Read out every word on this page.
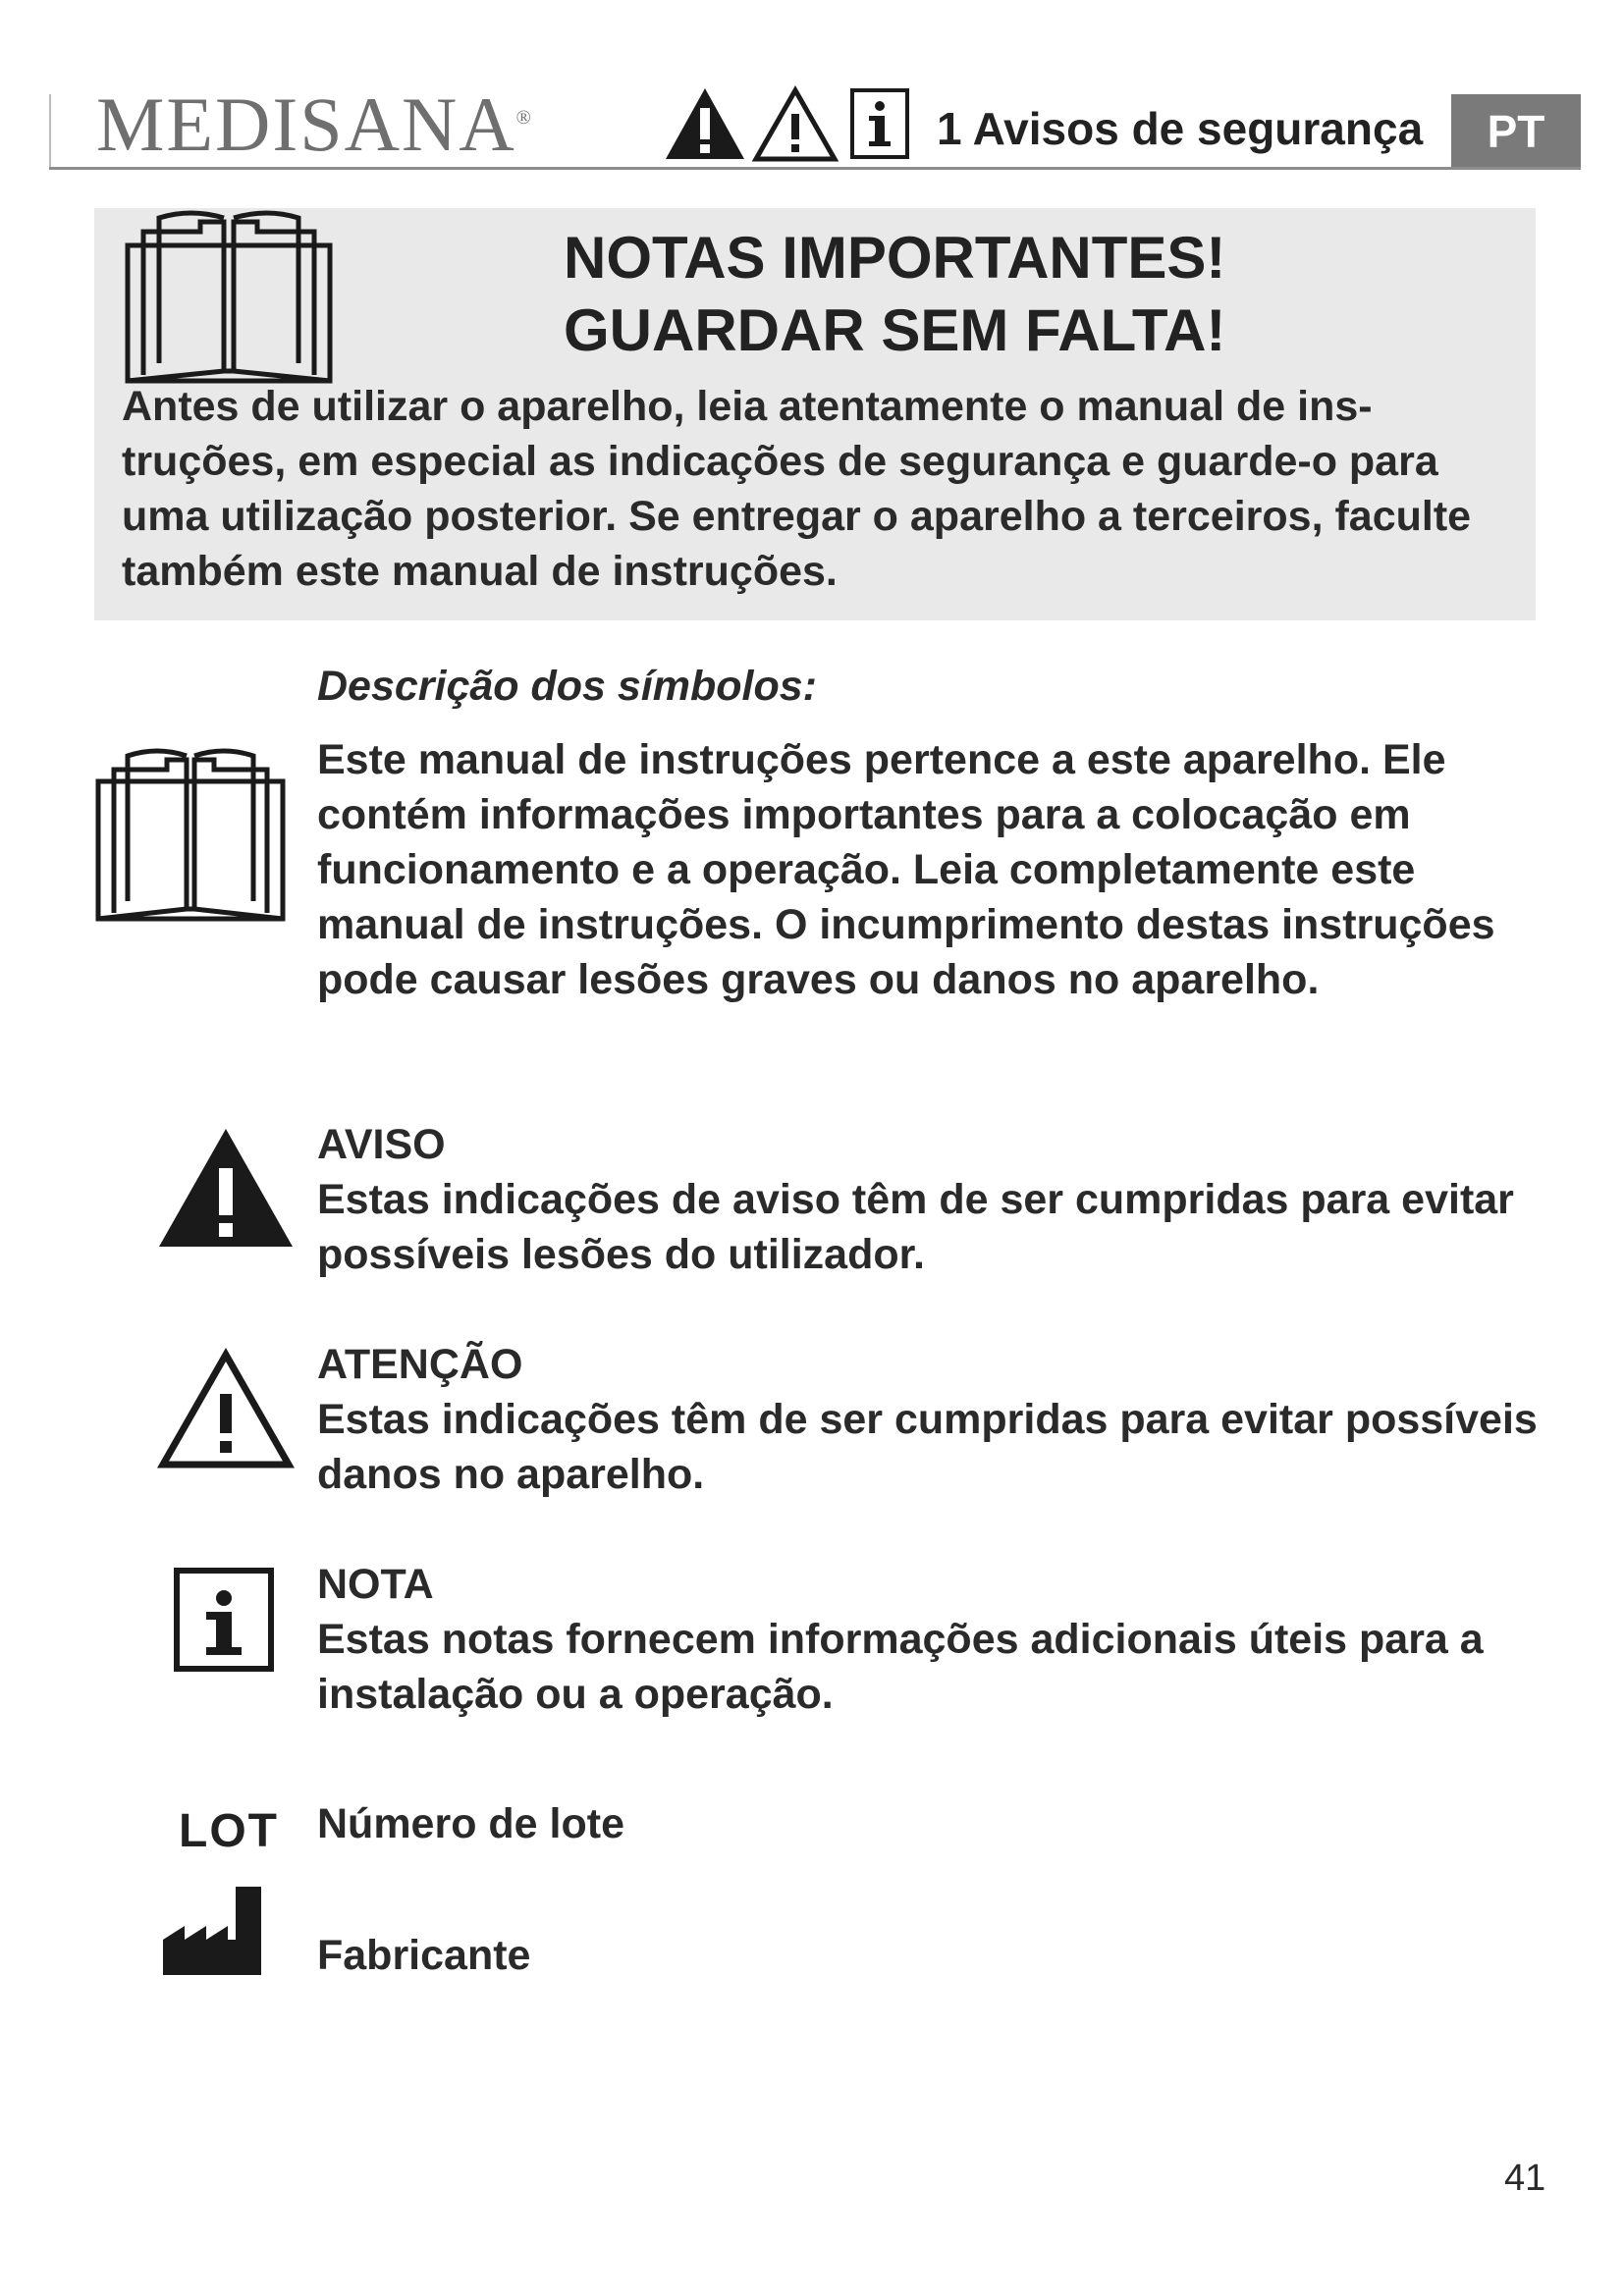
MEDISANA®	1 Avisos de segurança	PT
NOTAS IMPORTANTES!
GUARDAR SEM FALTA!
Antes de utilizar o aparelho, leia atentamente o manual de ins-truções, em especial as indicações de segurança e guarde-o para uma utilização posterior. Se entregar o aparelho a terceiros, faculte também este manual de instruções.
Descrição dos símbolos:
Este manual de instruções pertence a este aparelho. Ele contém informações importantes para a colocação em funcionamento e a operação. Leia completamente este manual de instruções. O incumprimento destas instruções pode causar lesões graves ou danos no aparelho.
AVISO
Estas indicações de aviso têm de ser cumpridas para evitar possíveis lesões do utilizador.
ATENÇÃO
Estas indicações têm de ser cumpridas para evitar possíveis danos no aparelho.
NOTA
Estas notas fornecem informações adicionais úteis para a instalação ou a operação.
LOT Número de lote
Fabricante
41
